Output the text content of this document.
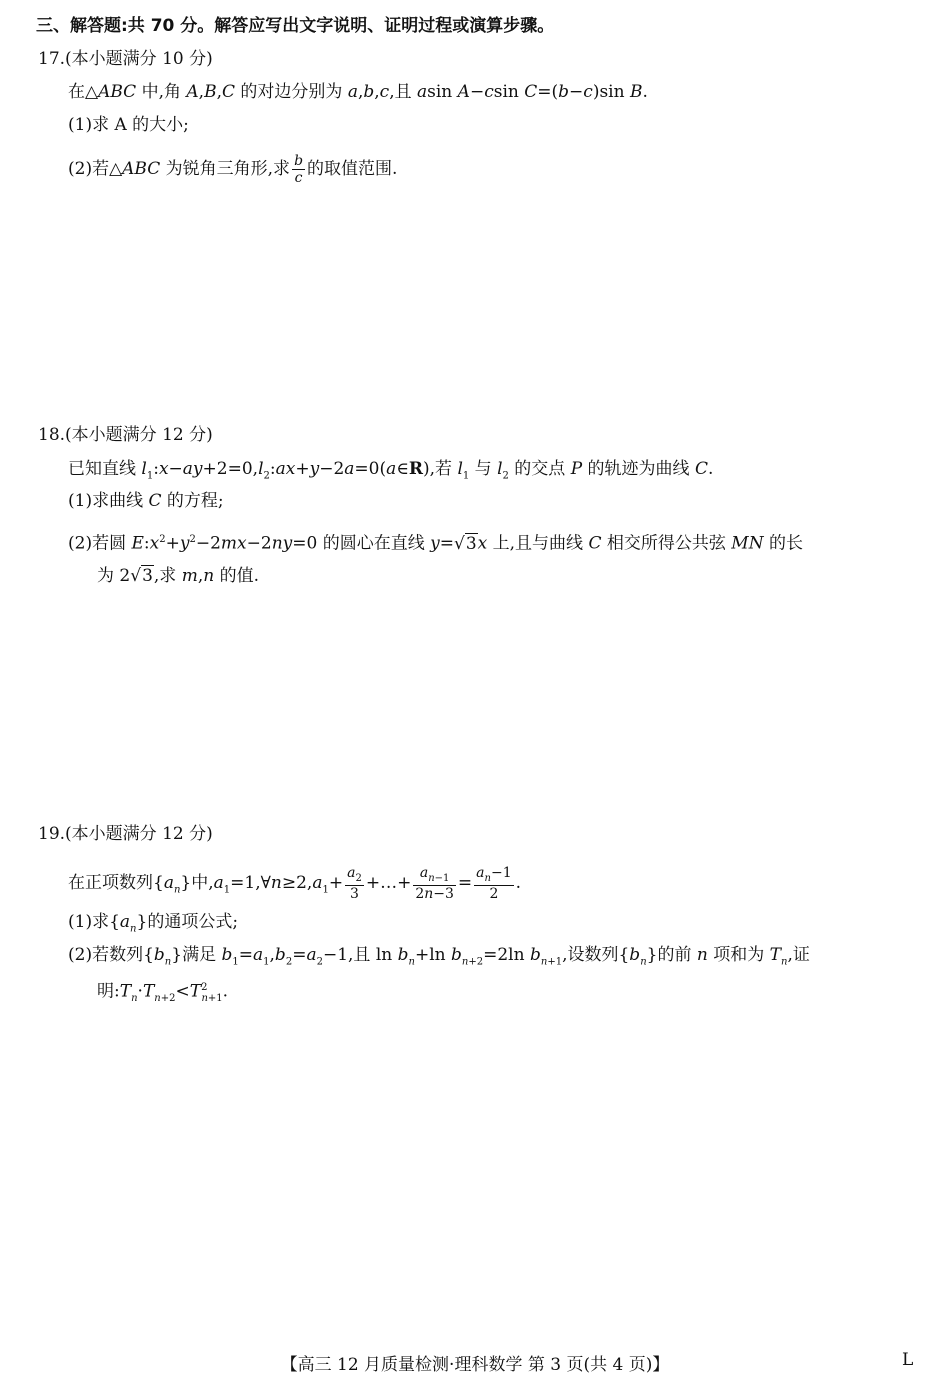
三、解答题:共 70 分。解答应写出文字说明、证明过程或演算步骤。
17.(本小题满分 10 分)
在△ABC 中,角 A,B,C 的对边分别为 a,b,c,且 asin A−csin C=(b−c)sin B.
(1)求 A 的大小;
(2)若△ABC 为锐角三角形,求 $\frac{b}{c}$ 的取值范围.
18.(本小题满分 12 分)
已知直线 $l_1:x-ay+2=0,l_2:ax+y-2a=0(a\in R)$,若 $l_1$ 与 $l_2$ 的交点 P 的轨迹为曲线 C.
(1)求曲线 C 的方程;
(2)若圆 $E:x^2+y^2-2mx-2ny=0$ 的圆心在直线 y=√3x 上,且与曲线 C 相交所得公共弦 MN 的长
为 2√3,求 m,n 的值.
19.(本小题满分 12 分)
在正项数列$\{a_n\}$中$,a_1=1,\forall n\ge 2,a_1+ \frac{a_2}{3}$ +…+ $\frac{a_{n-1}}{2n-3} = \frac{a_n-1}{2}$ .
(1)求$\{a_n\}$的通项公式;
(2)若数列$\{b_n\}$满足 $b_1=a_1,b_2=a_2-1$,且 $\ln b_n+\ln$ $b_{n+2}=2\ln$ $b_{n+1}$,设数列$\{b_n\}$的前 n 项和为 $T_n$,证
明$:T_n\cdot T_{n+2}<T^2_{n+1}$.
【高三 12 月质量检测·理科数学 第 3 页(共 4 页)】	L
